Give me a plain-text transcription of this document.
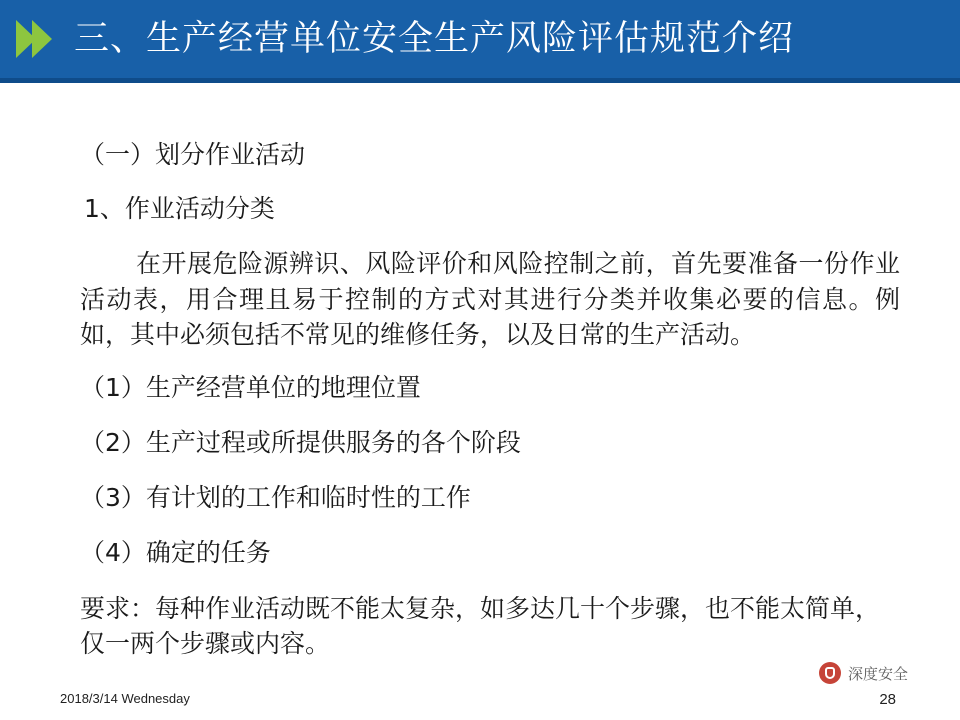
三、生产经营单位安全生产风险评估规范介绍
（一）划分作业活动
1、作业活动分类
在开展危险源辨识、风险评价和风险控制之前，首先要准备一份作业活动表，用合理且易于控制的方式对其进行分类并收集必要的信息。例如，其中必须包括不常见的维修任务，以及日常的生产活动。
（1）生产经营单位的地理位置
（2）生产过程或所提供服务的各个阶段
（3）有计划的工作和临时性的工作
（4）确定的任务
要求：每种作业活动既不能太复杂，如多达几十个步骤，也不能太简单，仅一两个步骤或内容。
2018/3/14 Wednesday
深度安全
28
